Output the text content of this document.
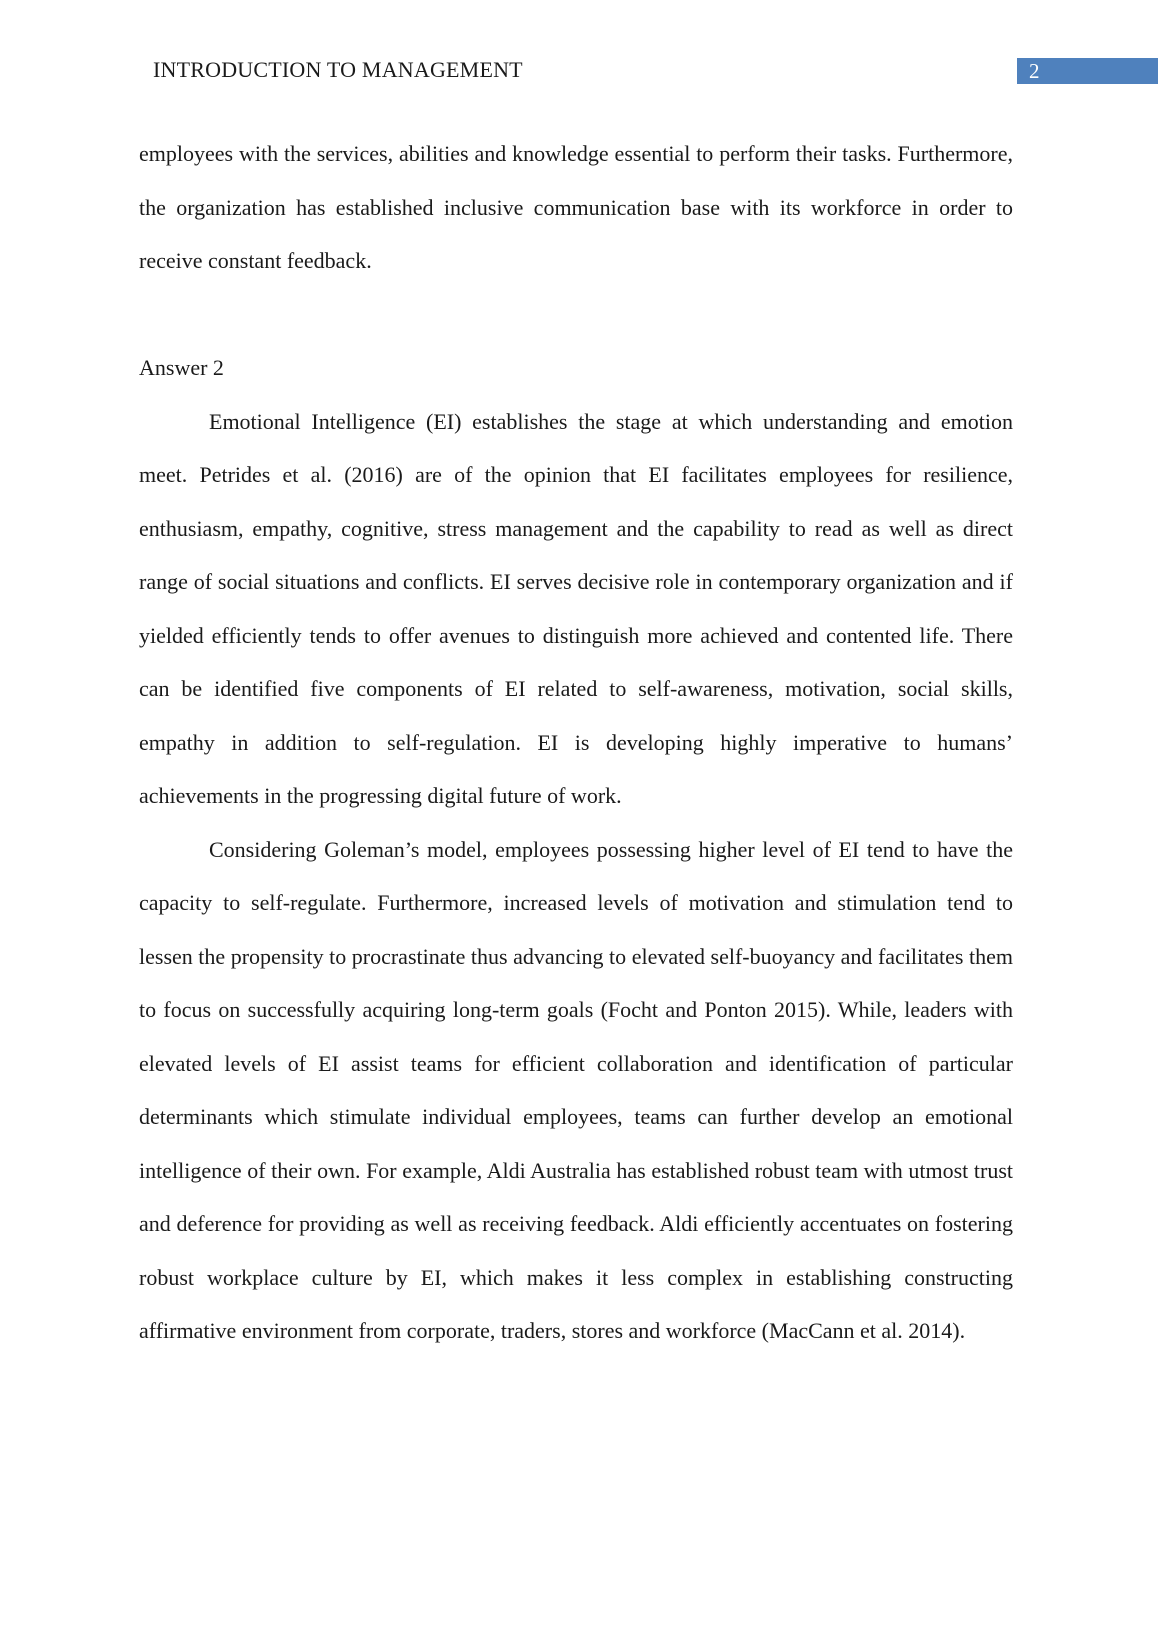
INTRODUCTION TO MANAGEMENT	2

employees with the services, abilities and knowledge essential to perform their tasks. Furthermore, the organization has established inclusive communication base with its workforce in order to receive constant feedback.

Answer 2

Emotional Intelligence (EI) establishes the stage at which understanding and emotion meet. Petrides et al. (2016) are of the opinion that EI facilitates employees for resilience, enthusiasm, empathy, cognitive, stress management and the capability to read as well as direct range of social situations and conflicts. EI serves decisive role in contemporary organization and if yielded efficiently tends to offer avenues to distinguish more achieved and contented life. There can be identified five components of EI related to self-awareness, motivation, social skills, empathy in addition to self-regulation. EI is developing highly imperative to humans’ achievements in the progressing digital future of work.

Considering Goleman’s model, employees possessing higher level of EI tend to have the capacity to self-regulate. Furthermore, increased levels of motivation and stimulation tend to lessen the propensity to procrastinate thus advancing to elevated self-buoyancy and facilitates them to focus on successfully acquiring long-term goals (Focht and Ponton 2015). While, leaders with elevated levels of EI assist teams for efficient collaboration and identification of particular determinants which stimulate individual employees, teams can further develop an emotional intelligence of their own. For example, Aldi Australia has established robust team with utmost trust and deference for providing as well as receiving feedback. Aldi efficiently accentuates on fostering robust workplace culture by EI, which makes it less complex in establishing constructing affirmative environment from corporate, traders, stores and workforce (MacCann et al. 2014).
